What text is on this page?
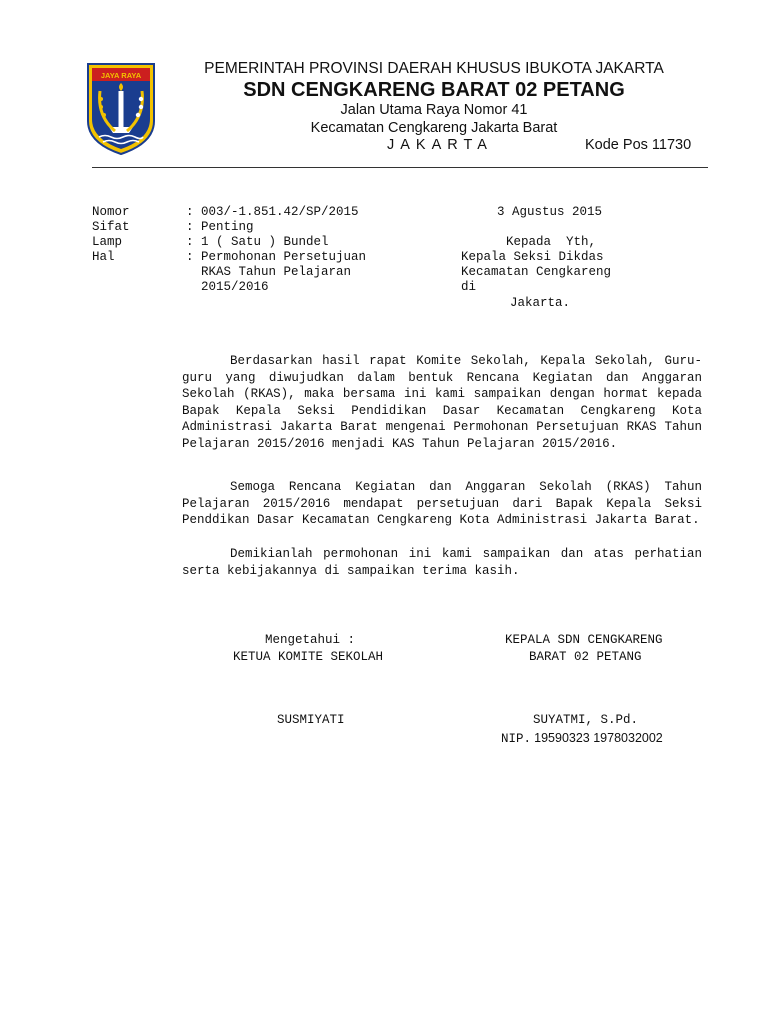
JAYA RAYA	PEMERINTAH PROVINSI DAERAH KHUSUS IBUKOTA JAKARTA
SDN CENGKARENG BARAT 02 PETANG
Jalan Utama Raya Nomor 41
Kecamatan Cengkareng Jakarta Barat
JAKARTA	Kode Pos 11730
Nomor	: 003/-1.851.42/SP/2015	3 Agustus 2015
Sifat	: Penting
Lamp	: 1 ( Satu ) Bundel
Hal	: Permohonan Persetujuan
RKAS Tahun Pelajaran
2015/2016
Kepada  Yth,
Kepala Seksi Dikdas
Kecamatan Cengkareng
di
Jakarta.
Berdasarkan hasil rapat Komite Sekolah, Kepala Sekolah, Guru-guru yang diwujudkan dalam bentuk Rencana Kegiatan dan Anggaran Sekolah (RKAS), maka bersama ini kami sampaikan dengan hormat kepada Bapak Kepala Seksi Pendidikan Dasar Kecamatan Cengkareng Kota Administrasi Jakarta Barat mengenai Permohonan Persetujuan RKAS Tahun Pelajaran 2015/2016 menjadi KAS Tahun Pelajaran 2015/2016.
Semoga Rencana Kegiatan dan Anggaran Sekolah (RKAS) Tahun Pelajaran 2015/2016 mendapat persetujuan dari Bapak Kepala Seksi Penddikan Dasar Kecamatan Cengkareng Kota Administrasi Jakarta Barat.
Demikianlah permohonan ini kami sampaikan dan atas perhatian serta kebijakannya di sampaikan terima kasih.
Mengetahui :
KETUA KOMITE SEKOLAH
SUSMIYATI
KEPALA SDN CENGKARENG
BARAT 02 PETANG
SUYATMI, S.Pd.
NIP. 19590323 1978032002
